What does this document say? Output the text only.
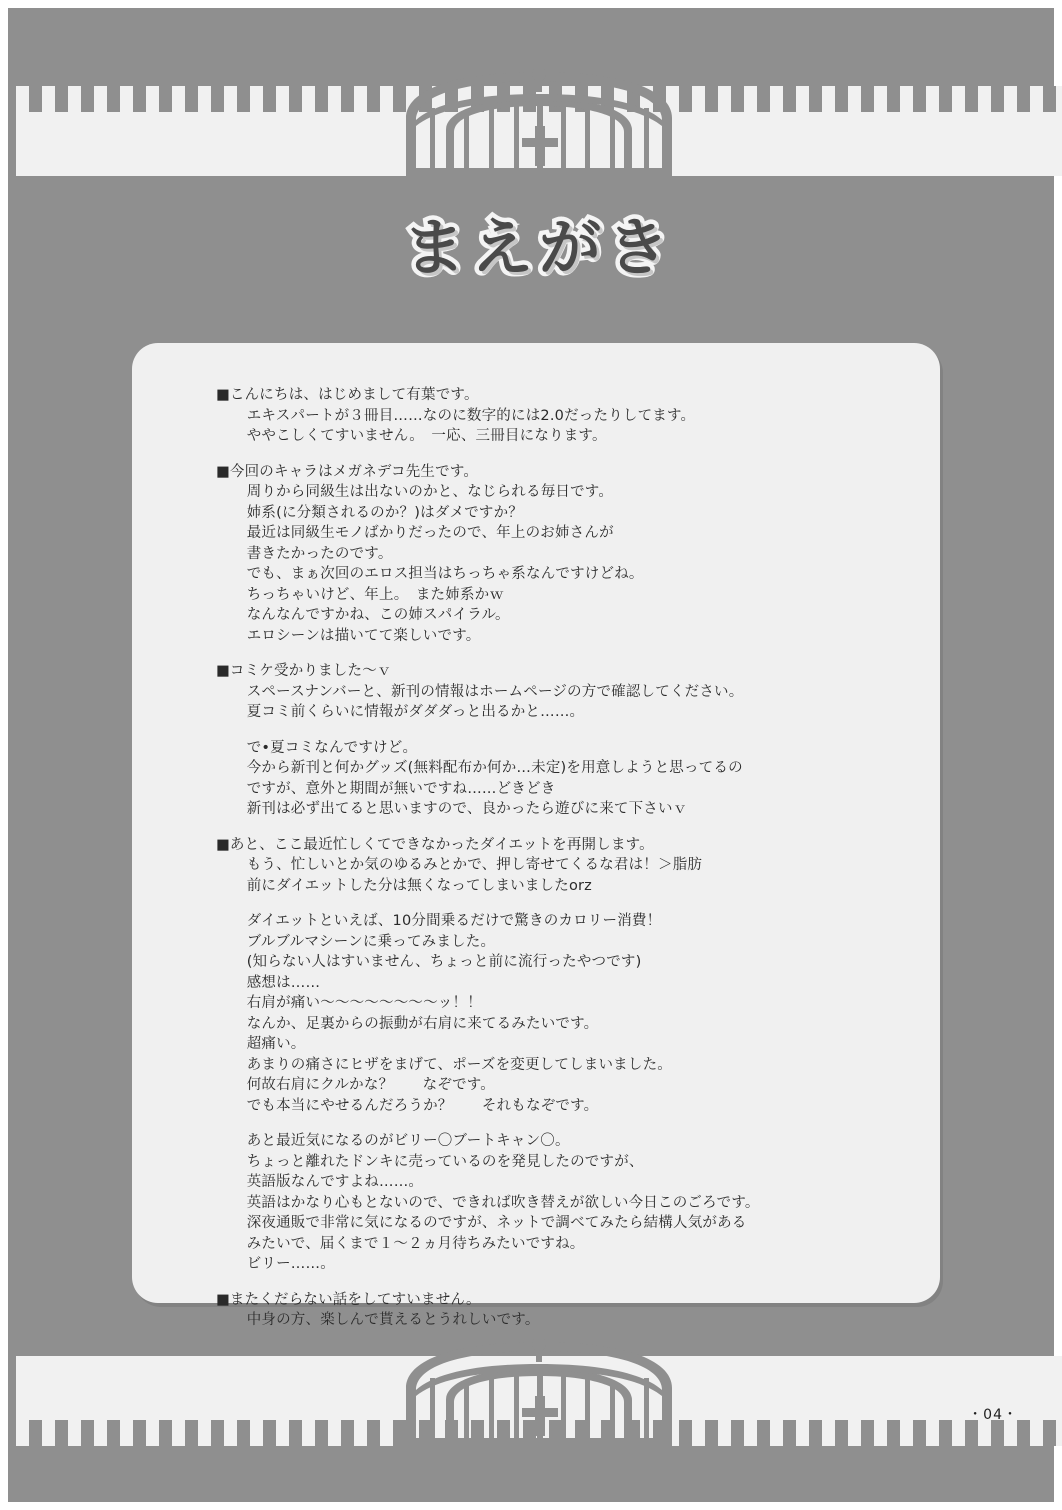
まえがき
■こんにちは、はじめまして有葉です。
　エキスパートが３冊目……なのに数字的には2.0だったりしてます。
　ややこしくてすいません。　一応、三冊目になります。
■今回のキャラはメガネデコ先生です。
　周りから同級生は出ないのかと、なじられる毎日です。
　姉系(に分類されるのか？)はダメですか？
　最近は同級生モノばかりだったので、年上のお姉さんが
　書きたかったのです。
　でも、まぁ次回のエロス担当はちっちゃ系なんですけどね。
　ちっちゃいけど、年上。　また姉系かｗ
　なんなんですかね、この姉スパイラル。
　エロシーンは描いてて楽しいです。
■コミケ受かりました〜ｖ
　スペースナンバーと、新刊の情報はホームページの方で確認してください。
　夏コミ前くらいに情報がダダダっと出るかと……。
　で•夏コミなんですけど。
　今から新刊と何かグッズ(無料配布か何か…未定)を用意しようと思ってるの
　ですが、意外と期間が無いですね……どきどき
　新刊は必ず出てると思いますので、良かったら遊びに来て下さいｖ
■あと、ここ最近忙しくてできなかったダイエットを再開します。
　もう、忙しいとか気のゆるみとかで、押し寄せてくるな君は！＞脂肪
　前にダイエットした分は無くなってしまいましたorz
　ダイエットといえば、10分間乗るだけで驚きのカロリー消費！
　ブルブルマシーンに乗ってみました。
　(知らない人はすいません、ちょっと前に流行ったやつです)
　感想は……
　右肩が痛い〜〜〜〜〜〜〜〜ッ！！
　なんか、足裏からの振動が右肩に来てるみたいです。
　超痛い。
　あまりの痛さにヒザをまげて、ポーズを変更してしまいました。
　何故右肩にクルかな？　　なぞです。
　でも本当にやせるんだろうか？　　それもなぞです。
　あと最近気になるのがビリー〇ブートキャン〇。
　ちょっと離れたドンキに売っているのを発見したのですが、
　英語版なんですよね……。
　英語はかなり心もとないので、できれば吹き替えが欲しい今日このごろです。
　深夜通販で非常に気になるのですが、ネットで調べてみたら結構人気がある
　みたいで、届くまで１〜２ヵ月待ちみたいですね。
　ビリー……。
■またくだらない話をしてすいません。
　中身の方、楽しんで貰えるとうれしいです。
・04・
